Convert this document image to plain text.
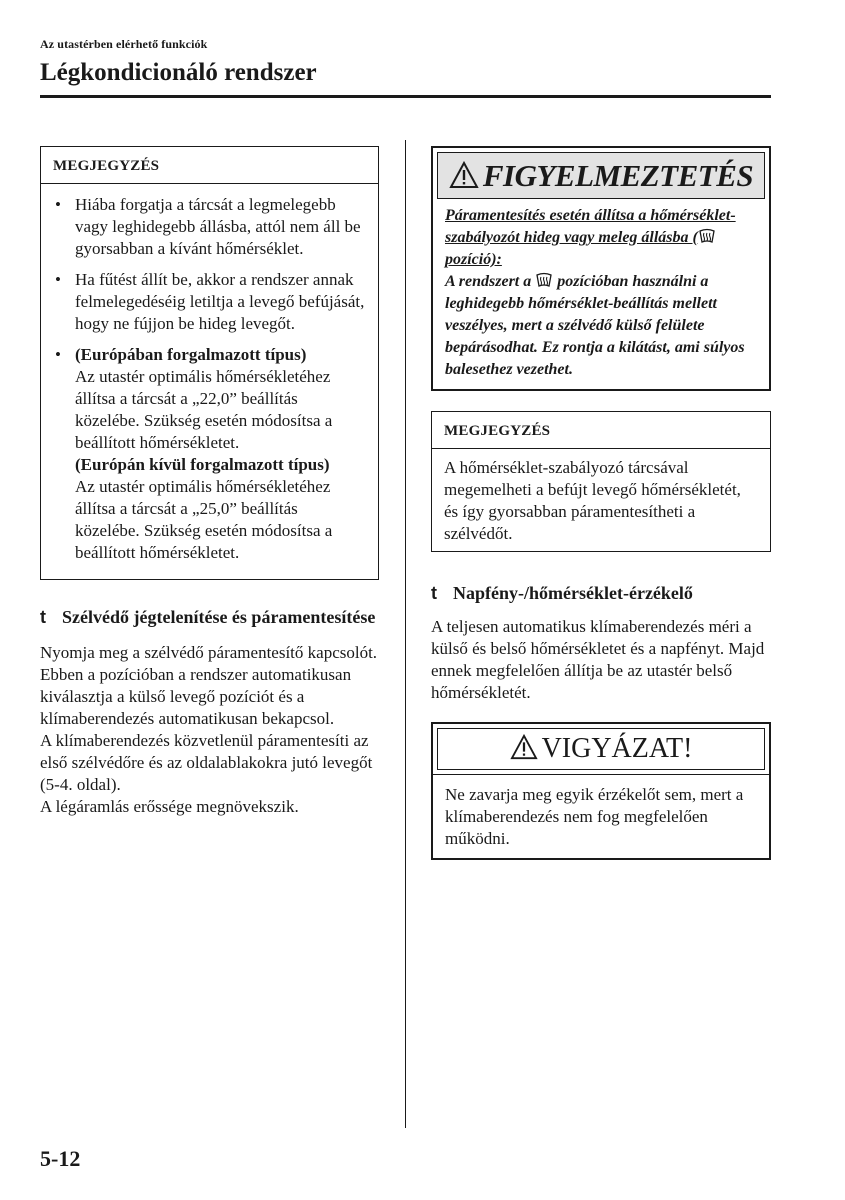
Az utastérben elérhető funkciók
Légkondicionáló rendszer
MEGJEGYZÉS
• Hiába forgatja a tárcsát a legmelegebb vagy leghidegebb állásba, attól nem áll be gyorsabban a kívánt hőmérséklet.
• Ha fűtést állít be, akkor a rendszer annak felmelegedéséig letiltja a levegő befújását, hogy ne fújjon be hideg levegőt.
• (Európában forgalmazott típus)
Az utastér optimális hőmérsékletéhez állítsa a tárcsát a „22,0” beállítás közelébe. Szükség esetén módosítsa a beállított hőmérsékletet.
(Európán kívül forgalmazott típus)
Az utastér optimális hőmérsékletéhez állítsa a tárcsát a „25,0” beállítás közelébe. Szükség esetén módosítsa a beállított hőmérsékletet.
t Szélvédő jégtelenítése és páramentesítése
Nyomja meg a szélvédő páramentesítő kapcsolót.
Ebben a pozícióban a rendszer automatikusan kiválasztja a külső levegő pozíciót és a klímaberendezés automatikusan bekapcsol.
A klímaberendezés közvetlenül páramentesíti az első szélvédőre és az oldalablakokra jutó levegőt (5-4. oldal).
A légáramlás erőssége megnövekszik.
FIGYELMEZTETÉS
Páramentesítés esetén állítsa a hőmérséklet-szabályozót hideg vagy meleg állásba ( pozíció):
A rendszert a  pozícióban használni a leghidegebb hőmérséklet-beállítás mellett veszélyes, mert a szélvédő külső felülete bepárásodhat. Ez rontja a kilátást, ami súlyos balesethez vezethet.
MEGJEGYZÉS
A hőmérséklet-szabályozó tárcsával megemelheti a befújt levegő hőmérsékletét, és így gyorsabban páramentesítheti a szélvédőt.
t Napfény-/hőmérséklet-érzékelő
A teljesen automatikus klímaberendezés méri a külső és belső hőmérsékletet és a napfényt. Majd ennek megfelelően állítja be az utastér belső hőmérsékletét.
VIGYÁZAT!
Ne zavarja meg egyik érzékelőt sem, mert a klímaberendezés nem fog megfelelően működni.
5-12
